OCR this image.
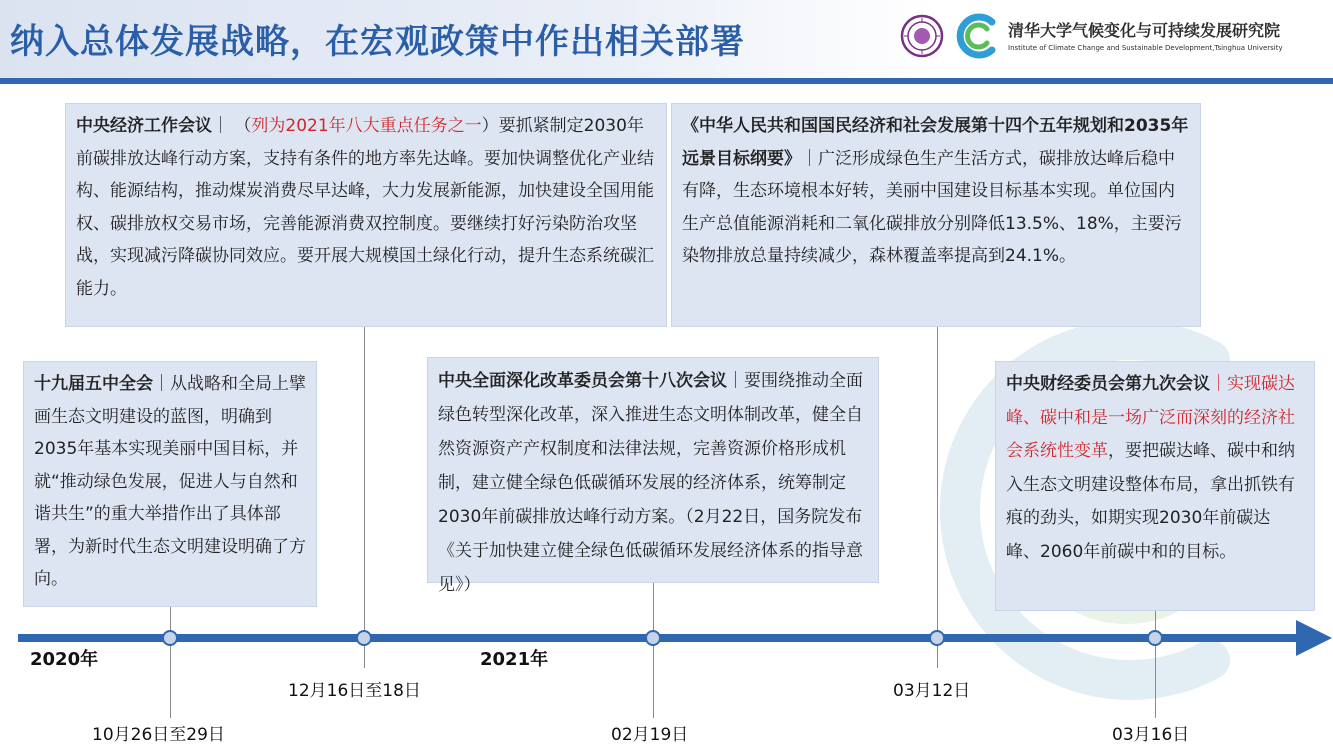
纳入总体发展战略，在宏观政策中作出相关部署	清华大学气候变化与可持续发展研究院
Institute of Climate Change and Sustainable Development,Tsinghua University
2020年	2021年
10月26日至29日
12月16日至18日
02月19日
03月12日
03月16日
中央经济工作会议｜ （列为2021年八大重点任务之一）要抓紧制定2030年前碳排放达峰行动方案，支持有条件的地方率先达峰。要加快调整优化产业结构、能源结构，推动煤炭消费尽早达峰，大力发展新能源，加快建设全国用能权、碳排放权交易市场，完善能源消费双控制度。要继续打好污染防治攻坚战，实现减污降碳协同效应。要开展大规模国土绿化行动，提升生态系统碳汇能力。
《中华人民共和国国民经济和社会发展第十四个五年规划和2035年远景目标纲要》｜广泛形成绿色生产生活方式，碳排放达峰后稳中有降，生态环境根本好转，美丽中国建设目标基本实现。单位国内生产总值能源消耗和二氧化碳排放分别降低13.5%、18%，主要污染物排放总量持续减少，森林覆盖率提高到24.1%。
十九届五中全会｜从战略和全局上擘画生态文明建设的蓝图，明确到2035年基本实现美丽中国目标，并就“推动绿色发展，促进人与自然和谐共生”的重大举措作出了具体部署，为新时代生态文明建设明确了方向。
中央全面深化改革委员会第十八次会议｜要围绕推动全面绿色转型深化改革，深入推进生态文明体制改革，健全自然资源资产产权制度和法律法规，完善资源价格形成机制，建立健全绿色低碳循环发展的经济体系，统筹制定2030年前碳排放达峰行动方案。（2月22日，国务院发布《关于加快建立健全绿色低碳循环发展经济体系的指导意见》）
中央财经委员会第九次会议｜实现碳达峰、碳中和是一场广泛而深刻的经济社会系统性变革，要把碳达峰、碳中和纳入生态文明建设整体布局，拿出抓铁有痕的劲头，如期实现2030年前碳达峰、2060年前碳中和的目标。
